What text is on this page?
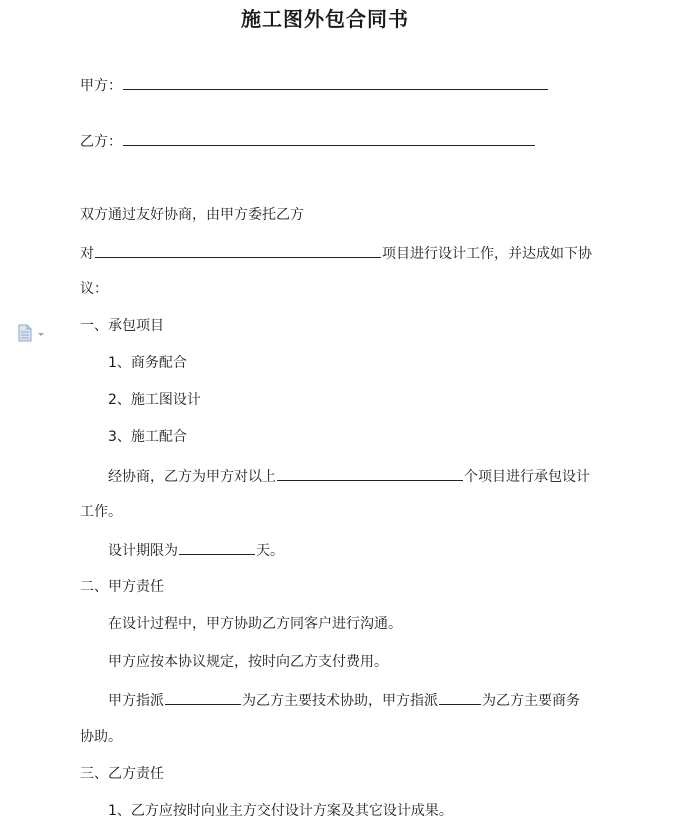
施工图外包合同书
甲方：
乙方：
双方通过友好协商，由甲方委托乙方
对	项目进行设计工作，并达成如下协
议：
一、承包项目
1、商务配合
2、施工图设计
3、施工配合
经协商，乙方为甲方对以上	个项目进行承包设计
工作。
设计期限为	天。
二、甲方责任
在设计过程中，甲方协助乙方同客户进行沟通。
甲方应按本协议规定，按时向乙方支付费用。
甲方指派	为乙方主要技术协助，甲方指派	为乙方主要商务
协助。
三、乙方责任
1、乙方应按时向业主方交付设计方案及其它设计成果。
